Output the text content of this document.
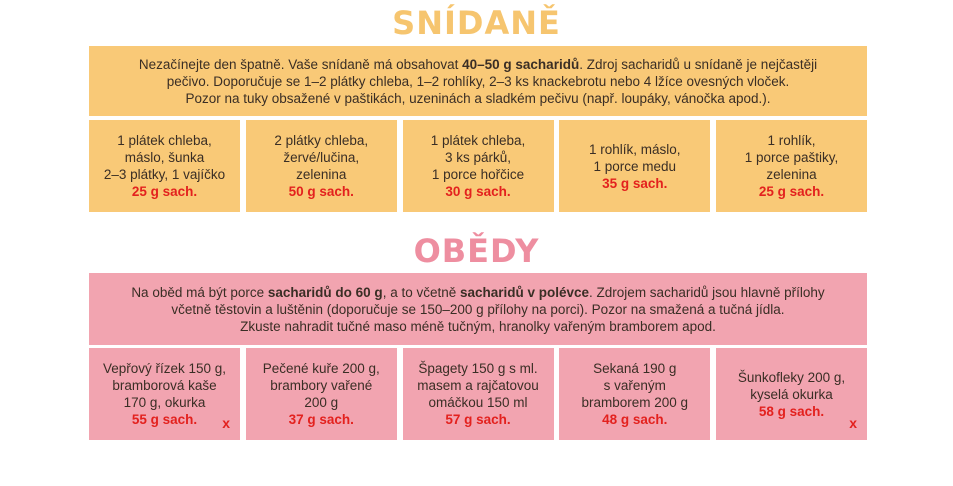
SNÍDANĚ

Nezačínejte den špatně. Vaše snídaně má obsahovat 40–50 g sacharidů. Zdroj sacharidů u snídaně je nejčastěji
pečivo. Doporučuje se 1–2 plátky chleba, 1–2 rohlíky, 2–3 ks knackebrotu nebo 4 lžíce ovesných vloček.
Pozor na tuky obsažené v paštikách, uzeninách a sladkém pečivu (např. loupáky, vánočka apod.).

1 plátek chleba,
máslo, šunka
2–3 plátky, 1 vajíčko
25 g sach.
2 plátky chleba,
žervé/lučina,
zelenina
50 g sach.
1 plátek chleba,
3 ks párků,
1 porce hořčice
30 g sach.
1 rohlík, máslo,
1 porce medu
35 g sach.
1 rohlík,
1 porce paštiky,
zelenina
25 g sach.
OBĚDY

Na oběd má být porce sacharidů do 60 g, a to včetně sacharidů v polévce. Zdrojem sacharidů jsou hlavně přílohy
včetně těstovin a luštěnin (doporučuje se 150–200 g přílohy na porci). Pozor na smažená a tučná jídla.
Zkuste nahradit tučné maso méně tučným, hranolky vařeným bramborem apod.

Vepřový řízek 150 g,
bramborová kaše
170 g, okurka
55 g sach. x
Pečené kuře 200 g,
brambory vařené
200 g
37 g sach.
Špagety 150 g s ml.
masem a rajčatovou
omáčkou 150 ml
57 g sach.
Sekaná 190 g
s vařeným
bramborem 200 g
48 g sach.
Šunkofleky 200 g,
kyselá okurka
58 g sach.
x
